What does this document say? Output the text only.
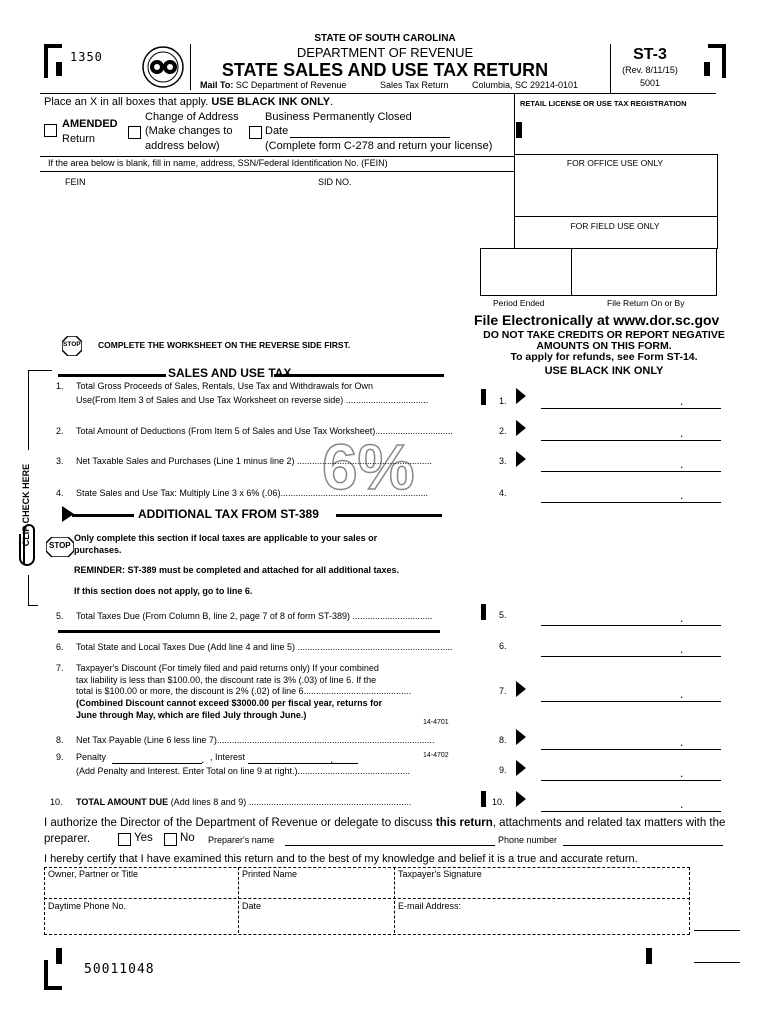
1350
STATE OF SOUTH CAROLINA
DEPARTMENT OF REVENUE
STATE SALES AND USE TAX RETURN
Mail To: SC Department of Revenue	Sales Tax Return	Columbia, SC 29214-0101
ST-3
(Rev. 8/11/15)
5001
Place an X in all boxes that apply. USE BLACK INK ONLY.
AMENDED
Return
Change of Address
(Make changes to
address below)
Business Permanently Closed
Date
(Complete form C-278 and return your license)
If the area below is blank, fill in name, address, SSN/Federal Identification No. (FEIN)
FEIN	SID NO.
RETAIL LICENSE OR USE TAX REGISTRATION
FOR OFFICE USE ONLY
FOR FIELD USE ONLY
Period Ended	File Return On or By
File Electronically at www.dor.sc.gov
DO NOT TAKE CREDITS OR REPORT NEGATIVE
AMOUNTS ON THIS FORM.
To apply for refunds, see Form ST-14.
USE BLACK INK ONLY
STOP COMPLETE THE WORKSHEET ON THE REVERSE SIDE FIRST.
CLIP CHECK HERE
SALES AND USE TAX
6%
1. Total Gross Proceeds of Sales, Rentals, Use Tax and Withdrawals for Own
Use(From Item 3 of Sales and Use Tax Worksheet on reverse side) .................................	1.	.
2. Total Amount of Deductions (From Item 5 of Sales and Use Tax Worksheet)...............................	2.	.
3. Net Taxable Sales and Purchases (Line 1 minus line 2) ......................................................	3.	.
4. State Sales and Use Tax: Multiply Line 3 x 6% (.06)...........................................................	4.	.
ADDITIONAL TAX FROM ST-389
Only complete this section if local taxes are applicable to your sales or
STOP purchases.
REMINDER: ST-389 must be completed and attached for all additional taxes.
If this section does not apply, go to line 6.
5. Total Taxes Due (From Column B, line 2, page 7 of 8 of form ST-389) ................................	5.	.
6. Total State and Local Taxes Due (Add line 4 and line 5) ..............................................................	6.	.
7. Taxpayer's Discount (For timely filed and paid returns only) If your combined
tax liability is less than $100.00, the discount rate is 3% (.03) of line 6. If the
total is $100.00 or more, the discount is 2% (.02) of line 6...........................................
(Combined Discount cannot exceed $3000.00 per fiscal year, returns for
June through May, which are filed July through June.)
7.	.
14-4701
8. Net Tax Payable (Line 6 less line 7).......................................................................................	8.	.
9. Penalty	. , Interest	.	14-4702
(Add Penalty and Interest. Enter Total on line 9 at right.).............................................	9.	.
10. TOTAL AMOUNT DUE (Add lines 8 and 9) .................................................................	10.	.
I authorize the Director of the Department of Revenue or delegate to discuss this return, attachments and related tax matters with the
preparer.	Yes No Preparer's name	Phone number
I hereby certify that I have examined this return and to the best of my knowledge and belief it is a true and accurate return.
Owner, Partner or Title	Printed Name	Taxpayer's Signature
Daytime Phone No.	Date	E-mail Address:
50011048
